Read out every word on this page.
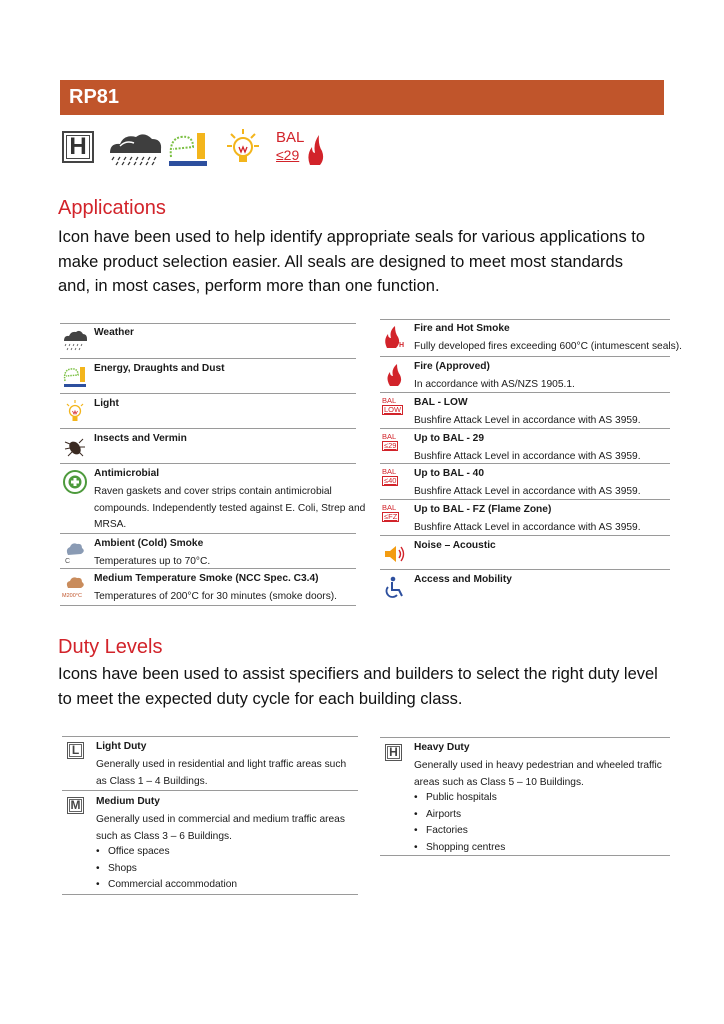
RP81
H	BAL
≤29
Applications

Icon have been used to help identify appropriate seals for various applications to make product selection easier. All seals are designed to meet most standards and, in most cases, perform more than one function.

Weather
Energy, Draughts and Dust
Light
Insects and Vermin
Antimicrobial
Raven gaskets and cover strips contain antimicrobial compounds. Independently tested against E. Coli, Strep and MRSA.
C
Ambient (Cold) Smoke
Temperatures up to 70°C.
M200°C
Medium Temperature Smoke (NCC Spec. C3.4)
Temperatures of 200°C for 30 minutes (smoke doors).
H
Fire and Hot Smoke
Fully developed fires exceeding 600°C (intumescent seals).
Fire (Approved)
In accordance with AS/NZS 1905.1.
BAL
LOW
BAL - LOW
Bushfire Attack Level in accordance with AS 3959.
BAL
≤29
Up to BAL - 29
Bushfire Attack Level in accordance with AS 3959.
BAL
≤40
Up to BAL - 40
Bushfire Attack Level in accordance with AS 3959.
BAL
≤FZ
Up to BAL - FZ (Flame Zone)
Bushfire Attack Level in accordance with AS 3959.
Noise – Acoustic
Access and Mobility
Duty Levels

Icons have been used to assist specifiers and builders to select the right duty level to meet the expected duty cycle for each building class.

L	Light Duty
Generally used in residential and light traffic areas such as Class 1 – 4 Buildings.
M	Medium Duty
Generally used in commercial and medium traffic areas such as Class 3 – 6 Buildings.
• Office spaces
• Shops
• Commercial accommodation
H	Heavy Duty
Generally used in heavy pedestrian and wheeled traffic areas such as Class 5 – 10 Buildings.
• Public hospitals
• Airports
• Factories
• Shopping centres
